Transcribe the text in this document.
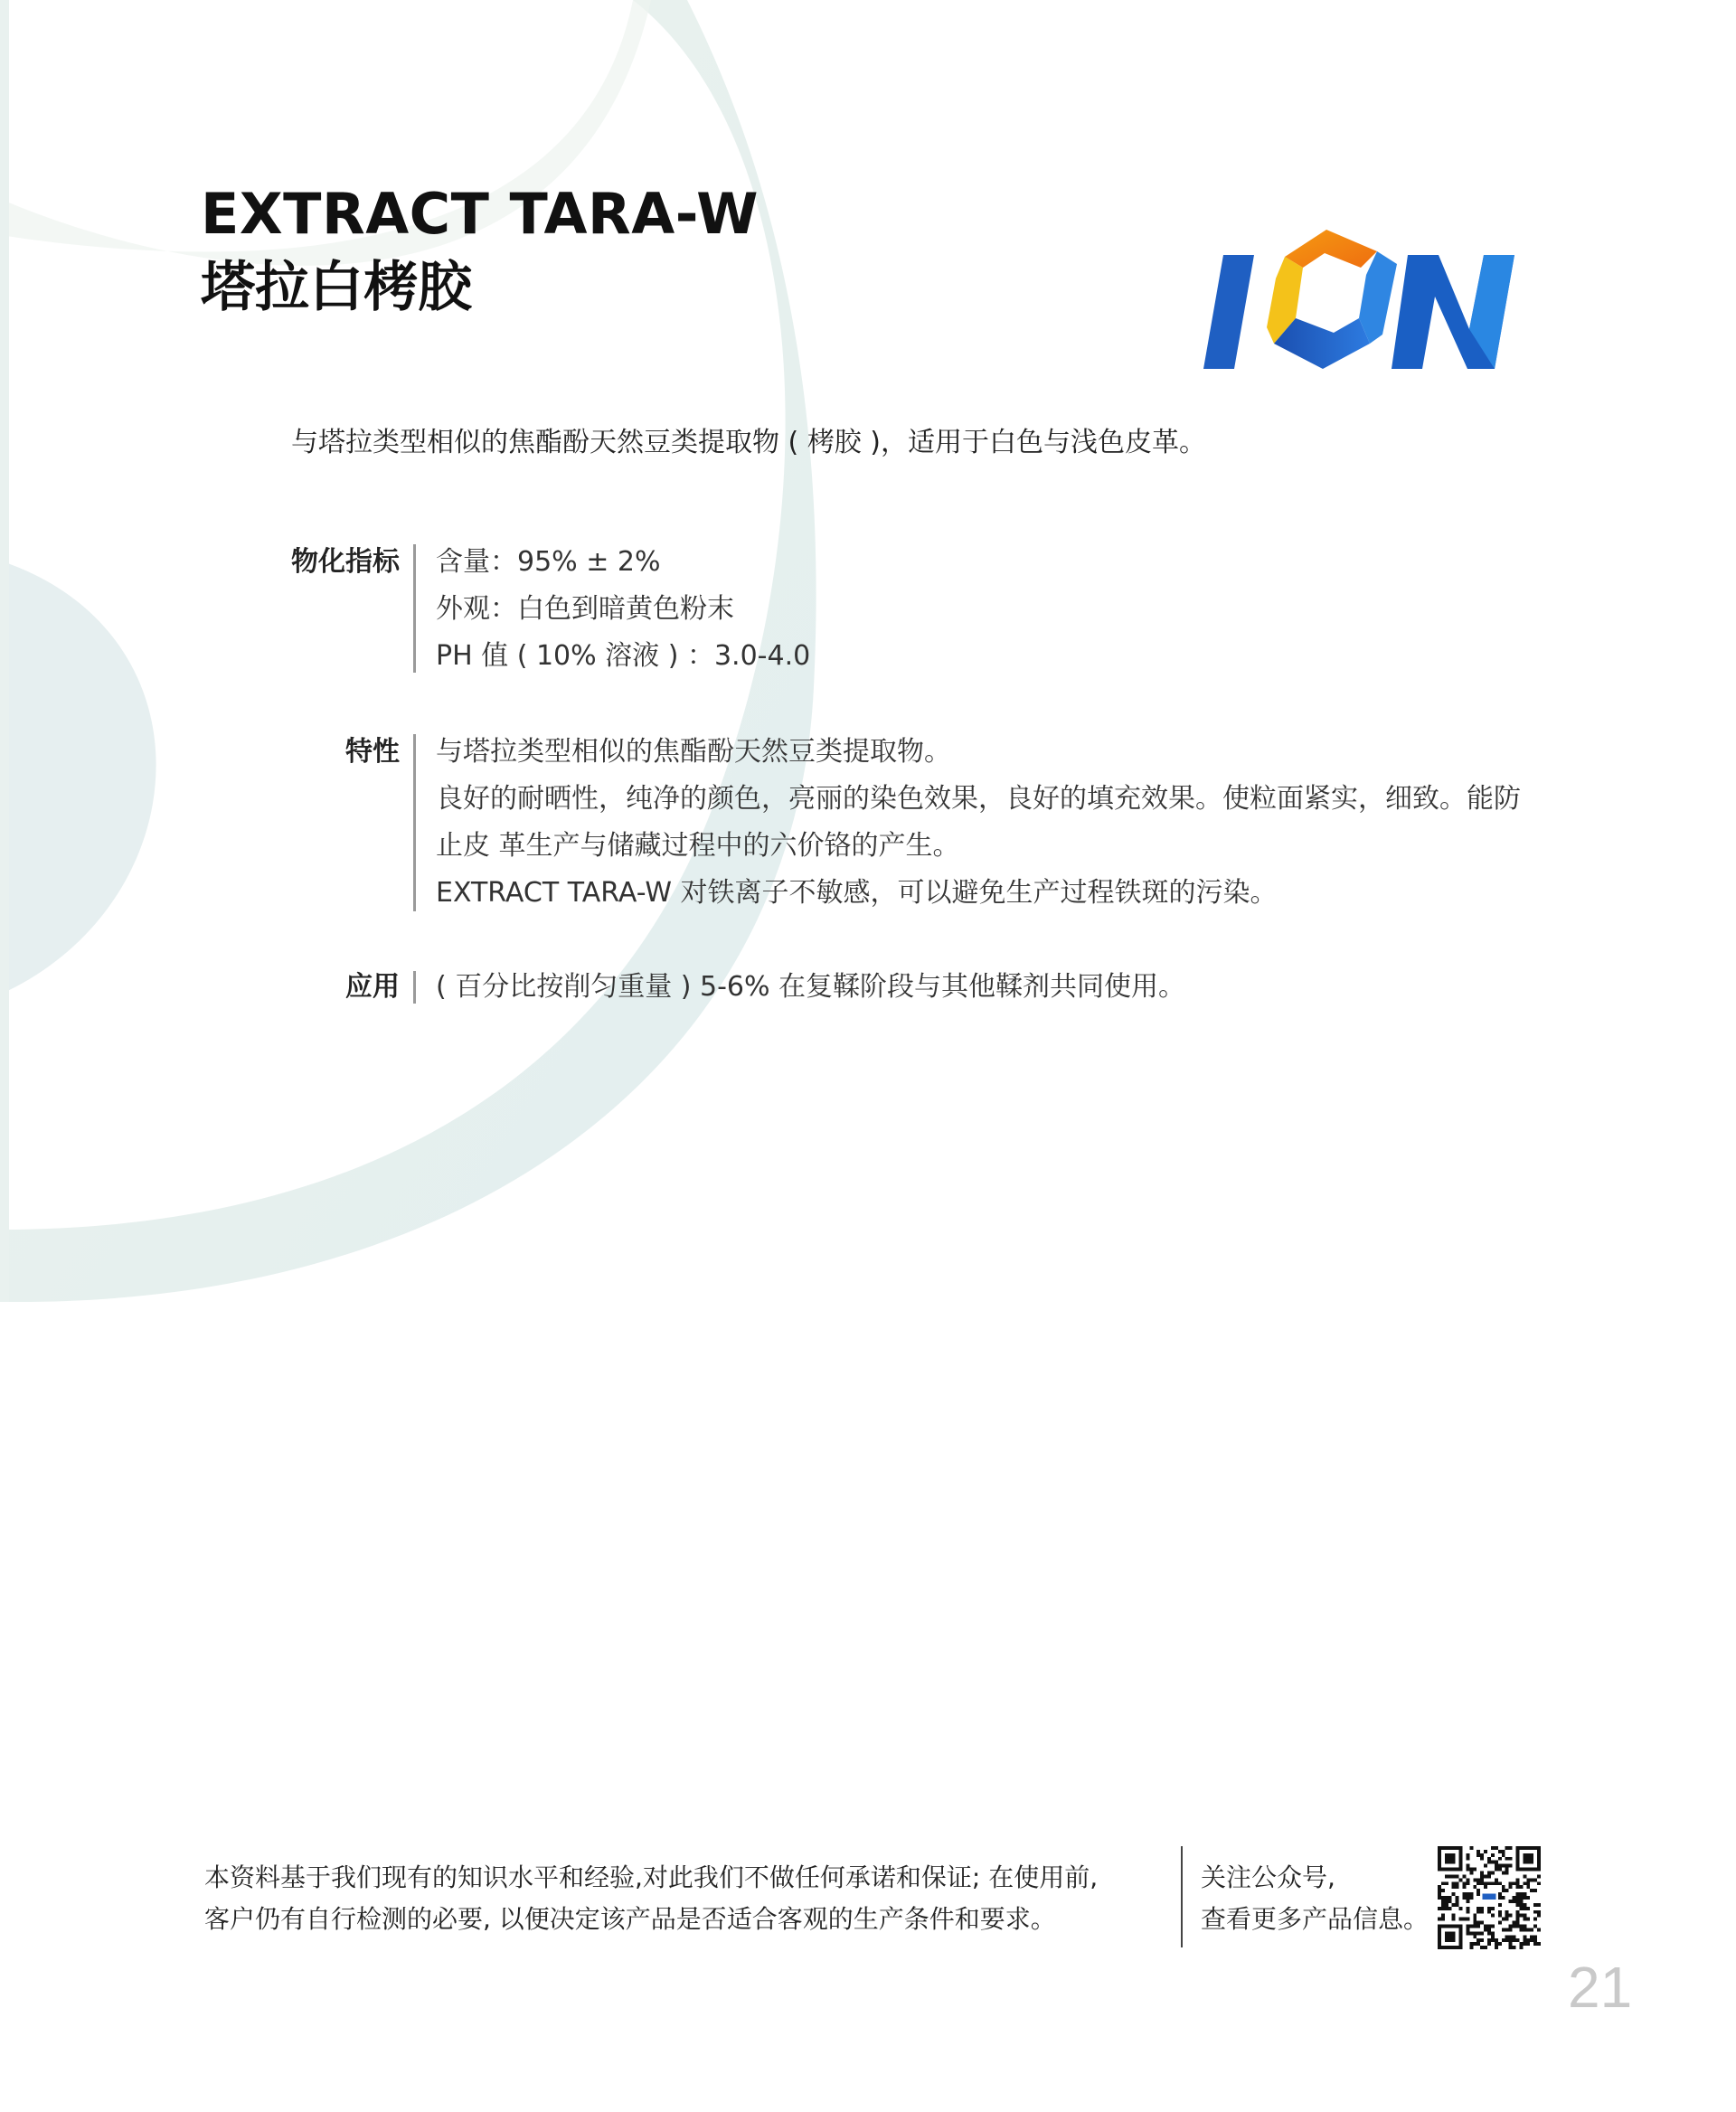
EXTRACT TARA-W
塔拉白栲胶
与塔拉类型相似的焦酯酚天然豆类提取物 ( 栲胶 )，适用于白色与浅色皮革。
物化指标 含量：95% ± 2%
外观：白色到暗黄色粉末
PH 值 ( 10% 溶液 ) ：3.0-4.0
特性 与塔拉类型相似的焦酯酚天然豆类提取物。
良好的耐晒性，纯净的颜色，亮丽的染色效果，良好的填充效果。使粒面紧实，细致。能防
止皮 革生产与储藏过程中的六价铬的产生。
EXTRACT TARA-W 对铁离子不敏感，可以避免生产过程铁斑的污染。
应用 ( 百分比按削匀重量 ) 5-6% 在复鞣阶段与其他鞣剂共同使用。
本资料基于我们现有的知识水平和经验,对此我们不做任何承诺和保证; 在使用前,
客户仍有自行检测的必要, 以便决定该产品是否适合客观的生产条件和要求。
关注公众号,
查看更多产品信息。
21
